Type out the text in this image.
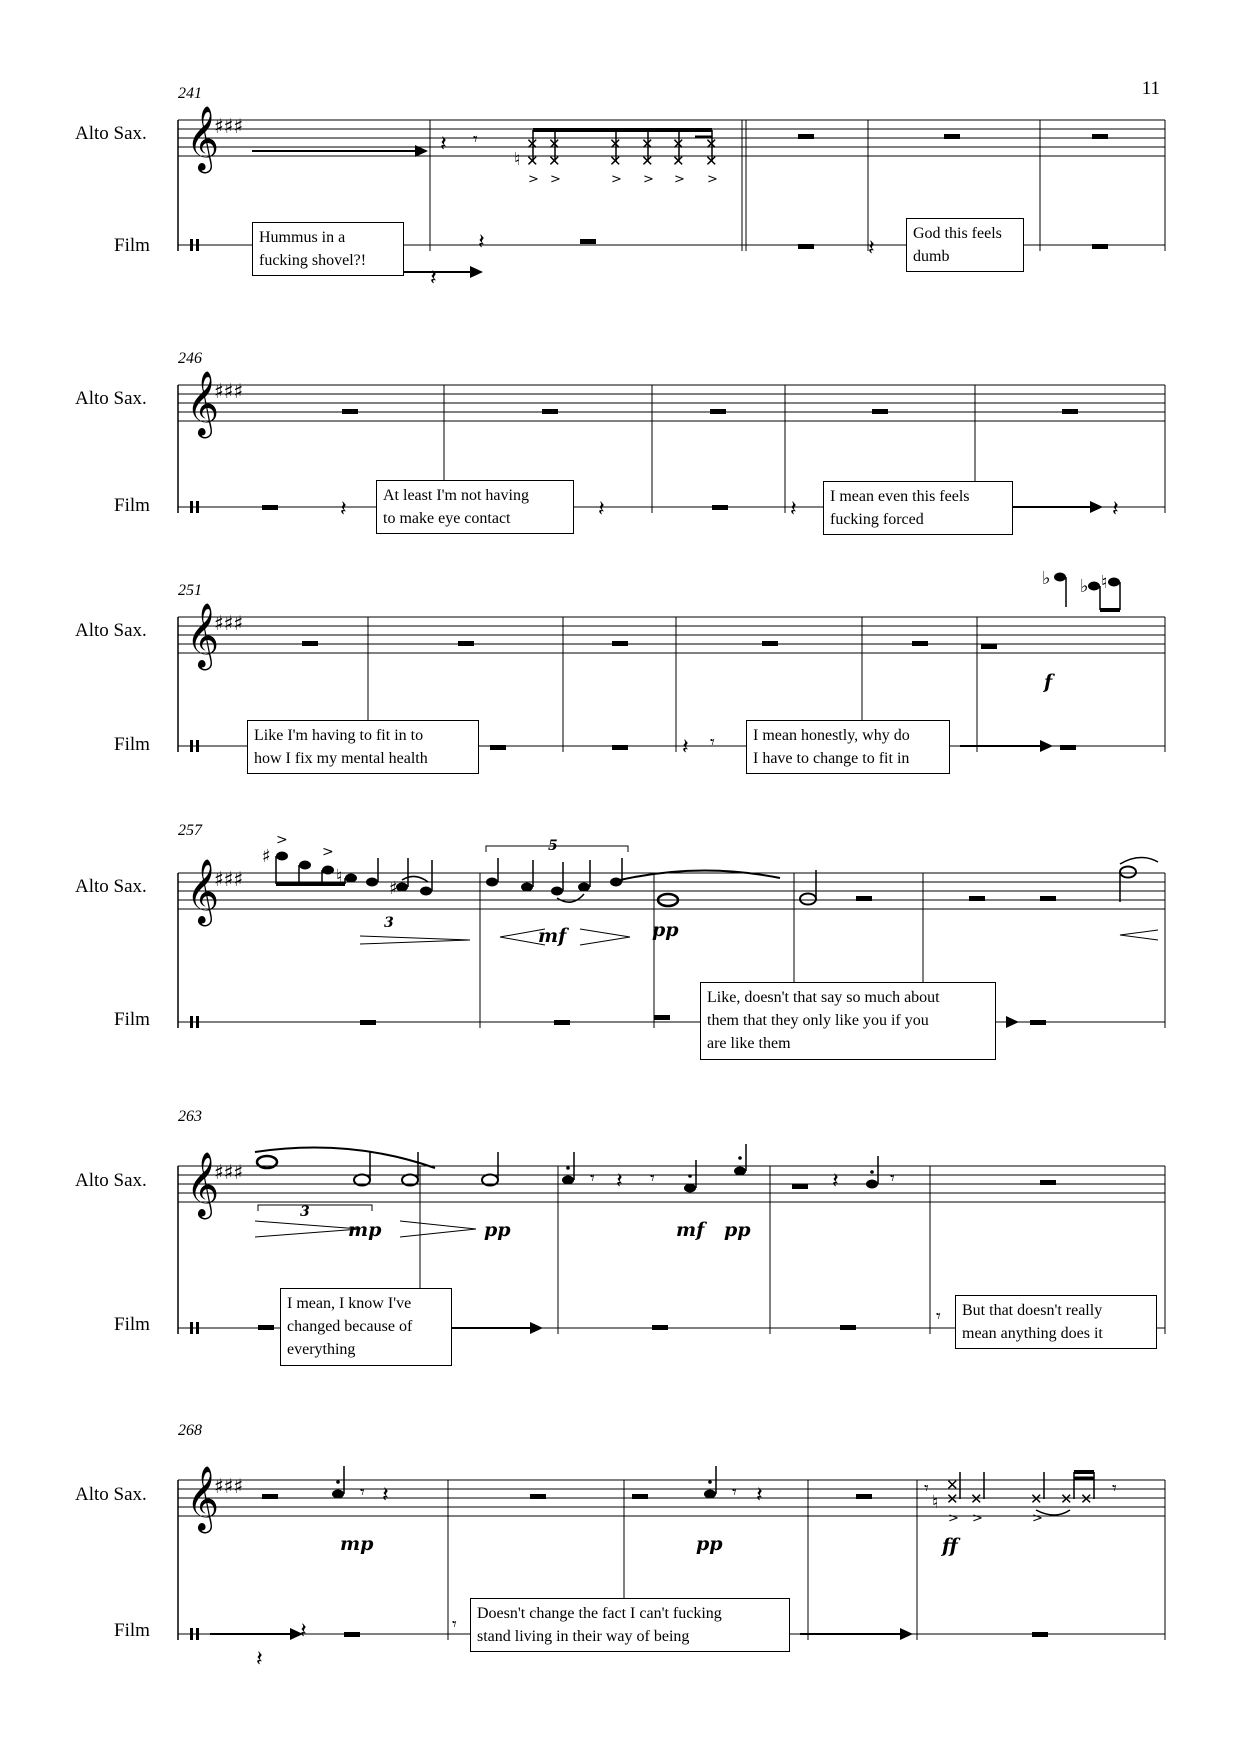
11
241
Alto Sax.
Film
𝄞
♯♯♯
𝄽
𝄽
𝄽
𝄾
✕ ✕	✕ ✕ ✕ ✕
✕ ✕	✕ ✕ ✕ ✕
♮
> >	> > > >
𝄽
Hummus in a
fucking shovel?!
God this feels
dumb
246
Alto Sax.
Film
𝄞
♯♯♯
𝄽	𝄽	𝄽	𝄽
At least I'm not having
to make eye contact
I mean even this feels
fucking forced
251
Alto Sax.
Film
𝄞
♯♯♯
𝄽 𝄾
♭ ♭ ♮
f
Like I'm having to fit in to
how I fix my mental health
I mean honestly, why do
I have to change to fit in
257
Alto Sax.
Film
𝄞
♯♯♯
♯
♮
>
>
♯
mf	pp
3
5
Like, doesn't that say so much about
them that they only like you if you
are like them
263
Alto Sax.
Film
𝄞
♯♯♯
3
mp	pp
𝄾 𝄽 𝄾
mf pp
𝄽	𝄾
𝄾
I mean, I know I've
changed because of
everything
But that doesn't really
mean anything does it
268
Alto Sax.
Film
𝄞
♯♯♯	𝄾 𝄽
mp
𝄾 𝄽
pp
𝄾 ✕
✕
✕	✕ ✕ ✕
♮
> >	>
𝄾
ff
𝄽
𝄽
𝄾
Doesn't change the fact I can't fucking
stand living in their way of being
